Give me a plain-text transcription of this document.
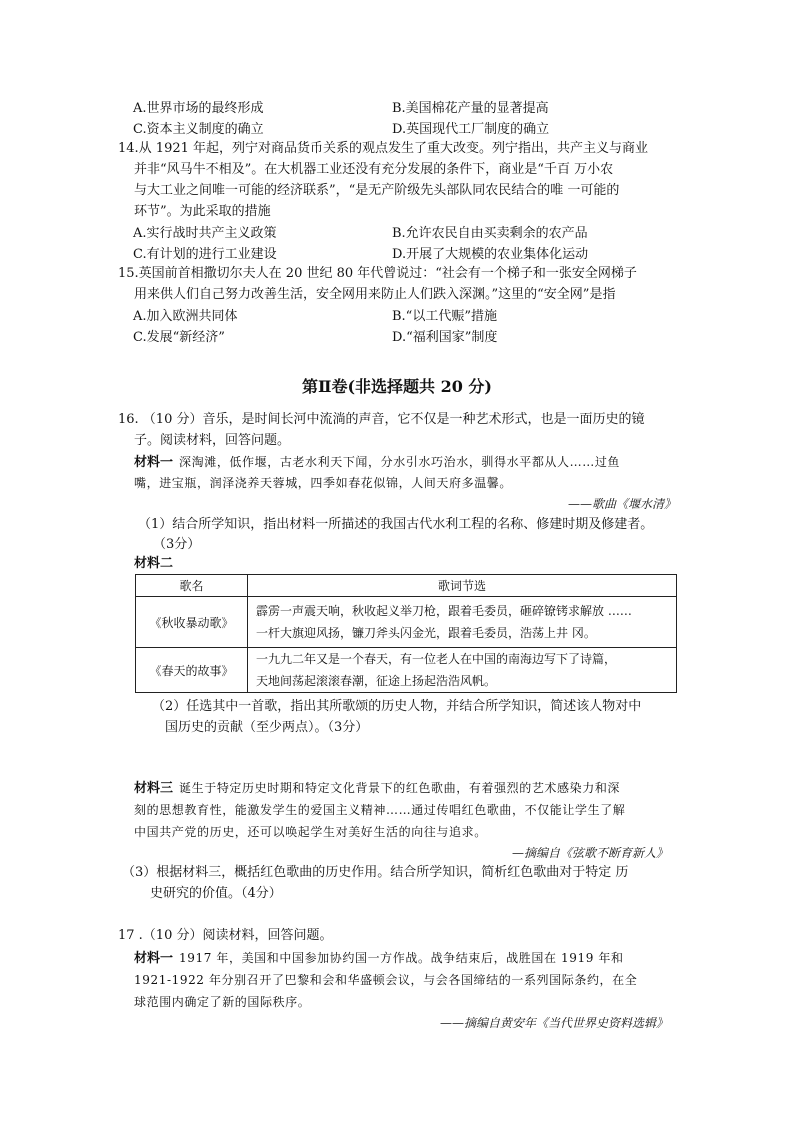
A.世界市场的最终形成	B.美国棉花产量的显著提高
C.资本主义制度的确立	D.英国现代工厂制度的确立
14.从 1921 年起，列宁对商品货币关系的观点发生了重大改变。列宁指出，共产主义与商业
并非“风马牛不相及”。在大机器工业还没有充分发展的条件下，商业是“千百 万小农
与大工业之间唯一可能的经济联系”，“是无产阶级先头部队同农民结合的唯 一可能的
环节”。为此采取的措施
A.实行战时共产主义政策	B.允许农民自由买卖剩余的农产品
C.有计划的进行工业建设	D.开展了大规模的农业集体化运动
15.英国前首相撒切尔夫人在 20 世纪 80 年代曾说过：“社会有一个梯子和一张安全网梯子
用来供人们自己努力改善生活，安全网用来防止人们跌入深渊。”这里的“安全网”是指
A.加入欧洲共同体	B.“以工代赈”措施
C.发展“新经济”	D.“福利国家”制度
第Ⅱ卷(非选择题共 20 分)
16. （10 分）音乐，是时间长河中流淌的声音，它不仅是一种艺术形式，也是一面历史的镜
子。阅读材料，回答问题。
材料一 深淘滩，低作堰，古老水利天下闻，分水引水巧治水，驯得水平都从人……过鱼
嘴，进宝瓶，润泽浇养天蓉城，四季如春花似锦，人间天府多温馨。
——歌曲《堰水清》
（1）结合所学知识，指出材料一所描述的我国古代水利工程的名称、修建时期及修建者。
（3分）
材料二
歌名	歌词节选
《秋收暴动歌》	霹雳一声震天响，秋收起义举刀枪，跟着毛委员，砸碎镣铐求解放 ……
一杆大旗迎风扬，镰刀斧头闪金光，跟着毛委员，浩荡上井 冈。

《春天的故事》	一九九二年又是一个春天，有一位老人在中国的南海边写下了诗篇，
天地间荡起滚滚春潮，征途上扬起浩浩风帆。
（2）任选其中一首歌，指出其所歌颂的历史人物，并结合所学知识，简述该人物对中
国历史的贡献（至少两点）。（3分）
材料三 诞生于特定历史时期和特定文化背景下的红色歌曲，有着强烈的艺术感染力和深
刻的思想教育性，能激发学生的爱国主义精神……通过传唱红色歌曲，不仅能让学生了解
中国共产党的历史，还可以唤起学生对美好生活的向往与追求。
—摘编自《弦歌不断育新人》
（3）根据材料三，概括红色歌曲的历史作用。结合所学知识，简析红色歌曲对于特定 历
史研究的价值。（4分）
17 .（10 分）阅读材料，回答问题。
材料一 1917 年，美国和中国参加协约国一方作战。战争结束后，战胜国在 1919 年和
1921-1922 年分别召开了巴黎和会和华盛顿会议，与会各国缔结的一系列国际条约，在全
球范围内确定了新的国际秩序。
——摘编自黄安年《当代世界史资料选辑》
